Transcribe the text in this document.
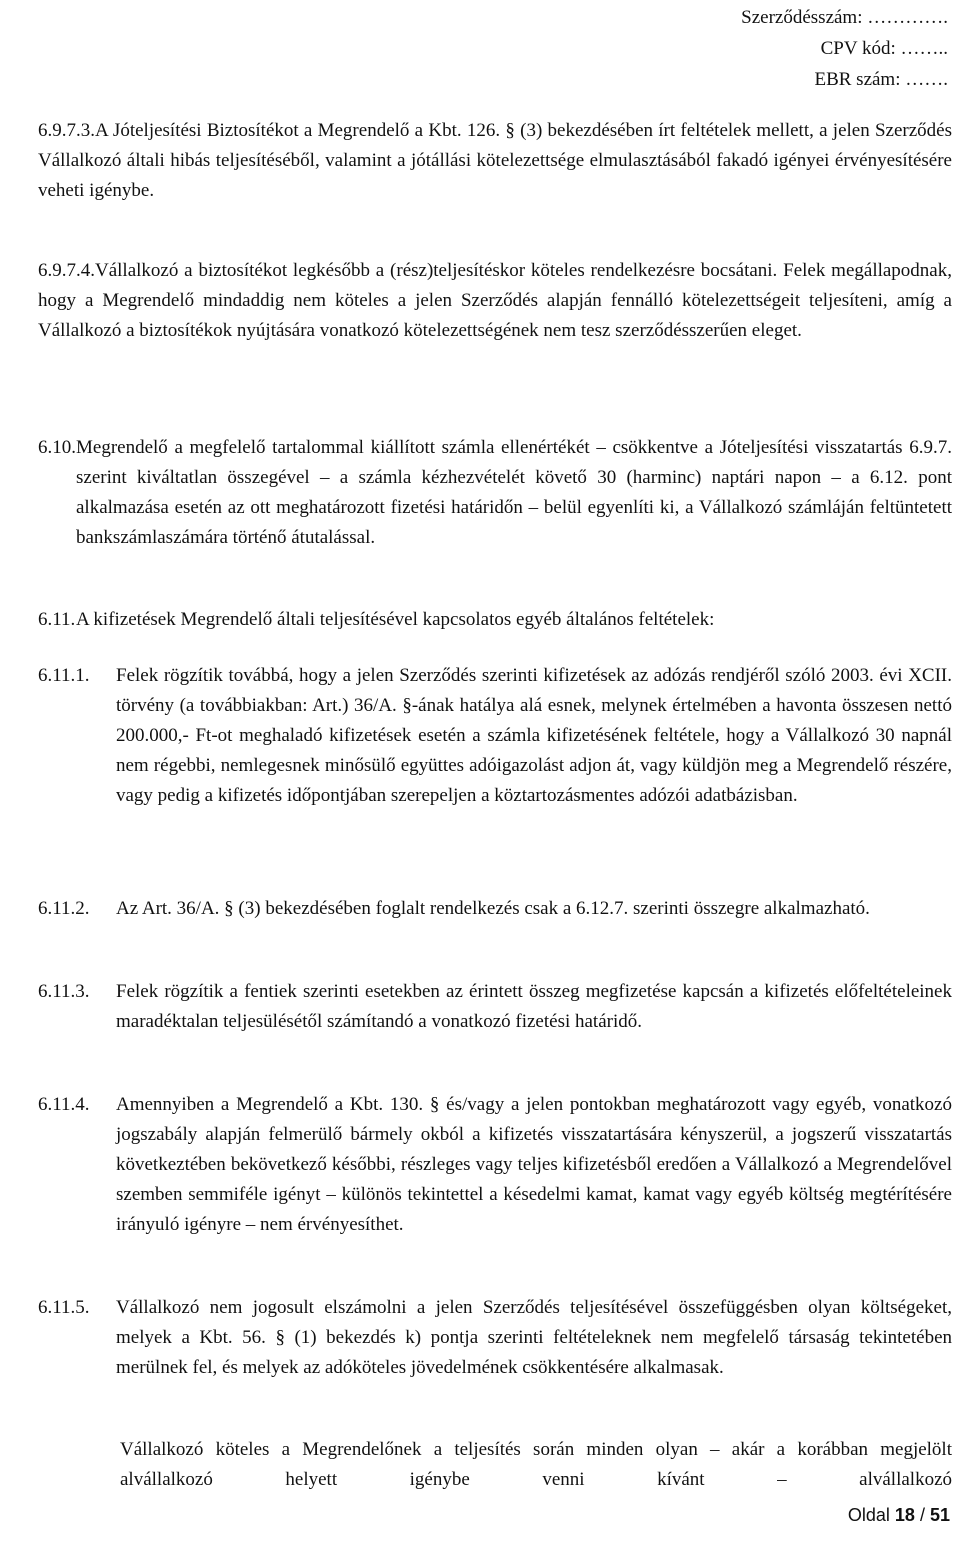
Szerződésszám: ………….
CPV kód: ……..
EBR szám: …….
6.9.7.3.A Jóteljesítési Biztosítékot a Megrendelő a Kbt. 126. § (3) bekezdésében írt feltételek mellett, a jelen Szerződés Vállalkozó általi hibás teljesítéséből, valamint a jótállási kötelezettsége elmulasztásából fakadó igényei érvényesítésére veheti igénybe.
6.9.7.4.Vállalkozó a biztosítékot legkésőbb a (rész)teljesítéskor köteles rendelkezésre bocsátani. Felek megállapodnak, hogy a Megrendelő mindaddig nem köteles a jelen Szerződés alapján fennálló kötelezettségeit teljesíteni, amíg a Vállalkozó a biztosítékok nyújtására vonatkozó kötelezettségének nem tesz szerződésszerűen eleget.
6.10. Megrendelő a megfelelő tartalommal kiállított számla ellenértékét – csökkentve a Jóteljesítési visszatartás 6.9.7. szerint kiváltatlan összegével – a számla kézhezvételét követő 30 (harminc) naptári napon – a 6.12. pont alkalmazása esetén az ott meghatározott fizetési határidőn – belül egyenlíti ki, a Vállalkozó számláján feltüntetett bankszámlaszámára történő átutalással.
6.11. A kifizetések Megrendelő általi teljesítésével kapcsolatos egyéb általános feltételek:
6.11.1. Felek rögzítik továbbá, hogy a jelen Szerződés szerinti kifizetések az adózás rendjéről szóló 2003. évi XCII. törvény (a továbbiakban: Art.) 36/A. §-ának hatálya alá esnek, melynek értelmében a havonta összesen nettó 200.000,- Ft-ot meghaladó kifizetések esetén a számla kifizetésének feltétele, hogy a Vállalkozó 30 napnál nem régebbi, nemlegesnek minősülő együttes adóigazolást adjon át, vagy küldjön meg a Megrendelő részére, vagy pedig a kifizetés időpontjában szerepeljen a köztartozásmentes adózói adatbázisban.
6.11.2. Az Art. 36/A. § (3) bekezdésében foglalt rendelkezés csak a 6.12.7. szerinti összegre alkalmazható.
6.11.3. Felek rögzítik a fentiek szerinti esetekben az érintett összeg megfizetése kapcsán a kifizetés előfeltételeinek maradéktalan teljesülésétől számítandó a vonatkozó fizetési határidő.
6.11.4. Amennyiben a Megrendelő a Kbt. 130. § és/vagy a jelen pontokban meghatározott vagy egyéb, vonatkozó jogszabály alapján felmerülő bármely okból a kifizetés visszatartására kényszerül, a jogszerű visszatartás következtében bekövetkező későbbi, részleges vagy teljes kifizetésből eredően a Vállalkozó a Megrendelővel szemben semmiféle igényt – különös tekintettel a késedelmi kamat, kamat vagy egyéb költség megtérítésére irányuló igényre – nem érvényesíthet.
6.11.5. Vállalkozó nem jogosult elszámolni a jelen Szerződés teljesítésével összefüggésben olyan költségeket, melyek a Kbt. 56. § (1) bekezdés k) pontja szerinti feltételeknek nem megfelelő társaság tekintetében merülnek fel, és melyek az adóköteles jövedelmének csökkentésére alkalmasak.
Vállalkozó köteles a Megrendelőnek a teljesítés során minden olyan – akár a korábban megjelölt alvállalkozó helyett igénybe venni kívánt – alvállalkozó
Oldal 18 / 51
